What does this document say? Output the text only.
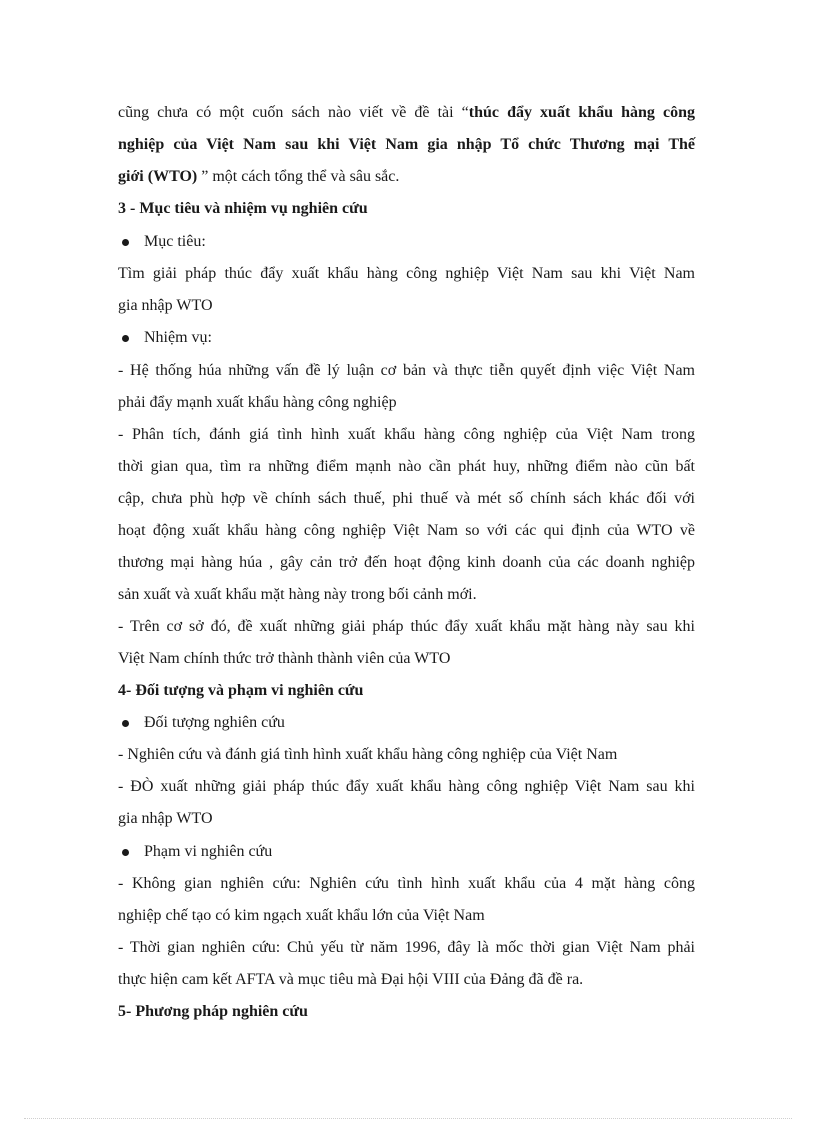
cũng chưa có một cuốn sách nào viết về đề tài “thúc đẩy xuất khẩu hàng công
nghiệp của Việt Nam sau khi Việt Nam gia nhập Tổ chức Thương mại Thế
giới (WTO) ” một cách tổng thể và sâu sắc.
3 - Mục tiêu và nhiệm vụ nghiên cứu
Mục tiêu:
Tìm giải pháp thúc đẩy xuất khẩu hàng công nghiệp Việt Nam sau khi Việt Nam
gia nhập WTO
Nhiệm vụ:
- Hệ thống húa những vấn đề lý luận cơ bản và thực tiễn quyết định việc Việt Nam
phải đẩy mạnh xuất khẩu hàng công nghiệp
- Phân tích, đánh giá tình hình xuất khẩu hàng công nghiệp của Việt Nam trong
thời gian qua, tìm ra những điểm mạnh nào cần phát huy, những điểm nào cũn bất
cập, chưa phù hợp về chính sách thuế, phi thuế và mét số chính sách khác đối với
hoạt động xuất khẩu hàng công nghiệp Việt Nam so với các qui định của WTO về
thương mại hàng húa , gây cản trở đến hoạt động kinh doanh của các doanh nghiệp
sản xuất và xuất khẩu mặt hàng này trong bối cảnh mới.
- Trên cơ sở đó, đề xuất những giải pháp thúc đẩy xuất khẩu mặt hàng này sau khi
Việt Nam chính thức trở thành thành viên của WTO
4- Đối tượng và phạm vi nghiên cứu
Đối tượng nghiên cứu
- Nghiên cứu và đánh giá tình hình xuất khẩu hàng công nghiệp của Việt Nam
- ĐÒ xuất những giải pháp thúc đẩy xuất khẩu hàng công nghiệp Việt Nam sau khi
gia nhập WTO
Phạm vi nghiên cứu
- Không gian nghiên cứu: Nghiên cứu tình hình xuất khẩu của 4 mặt hàng công
nghiệp chế tạo có kim ngạch xuất khẩu lớn của Việt Nam
- Thời gian nghiên cứu: Chủ yếu từ năm 1996, đây là mốc thời gian Việt Nam phải
thực hiện cam kết AFTA và mục tiêu mà Đại hội VIII của Đảng đã đề ra.
5- Phương pháp nghiên cứu
